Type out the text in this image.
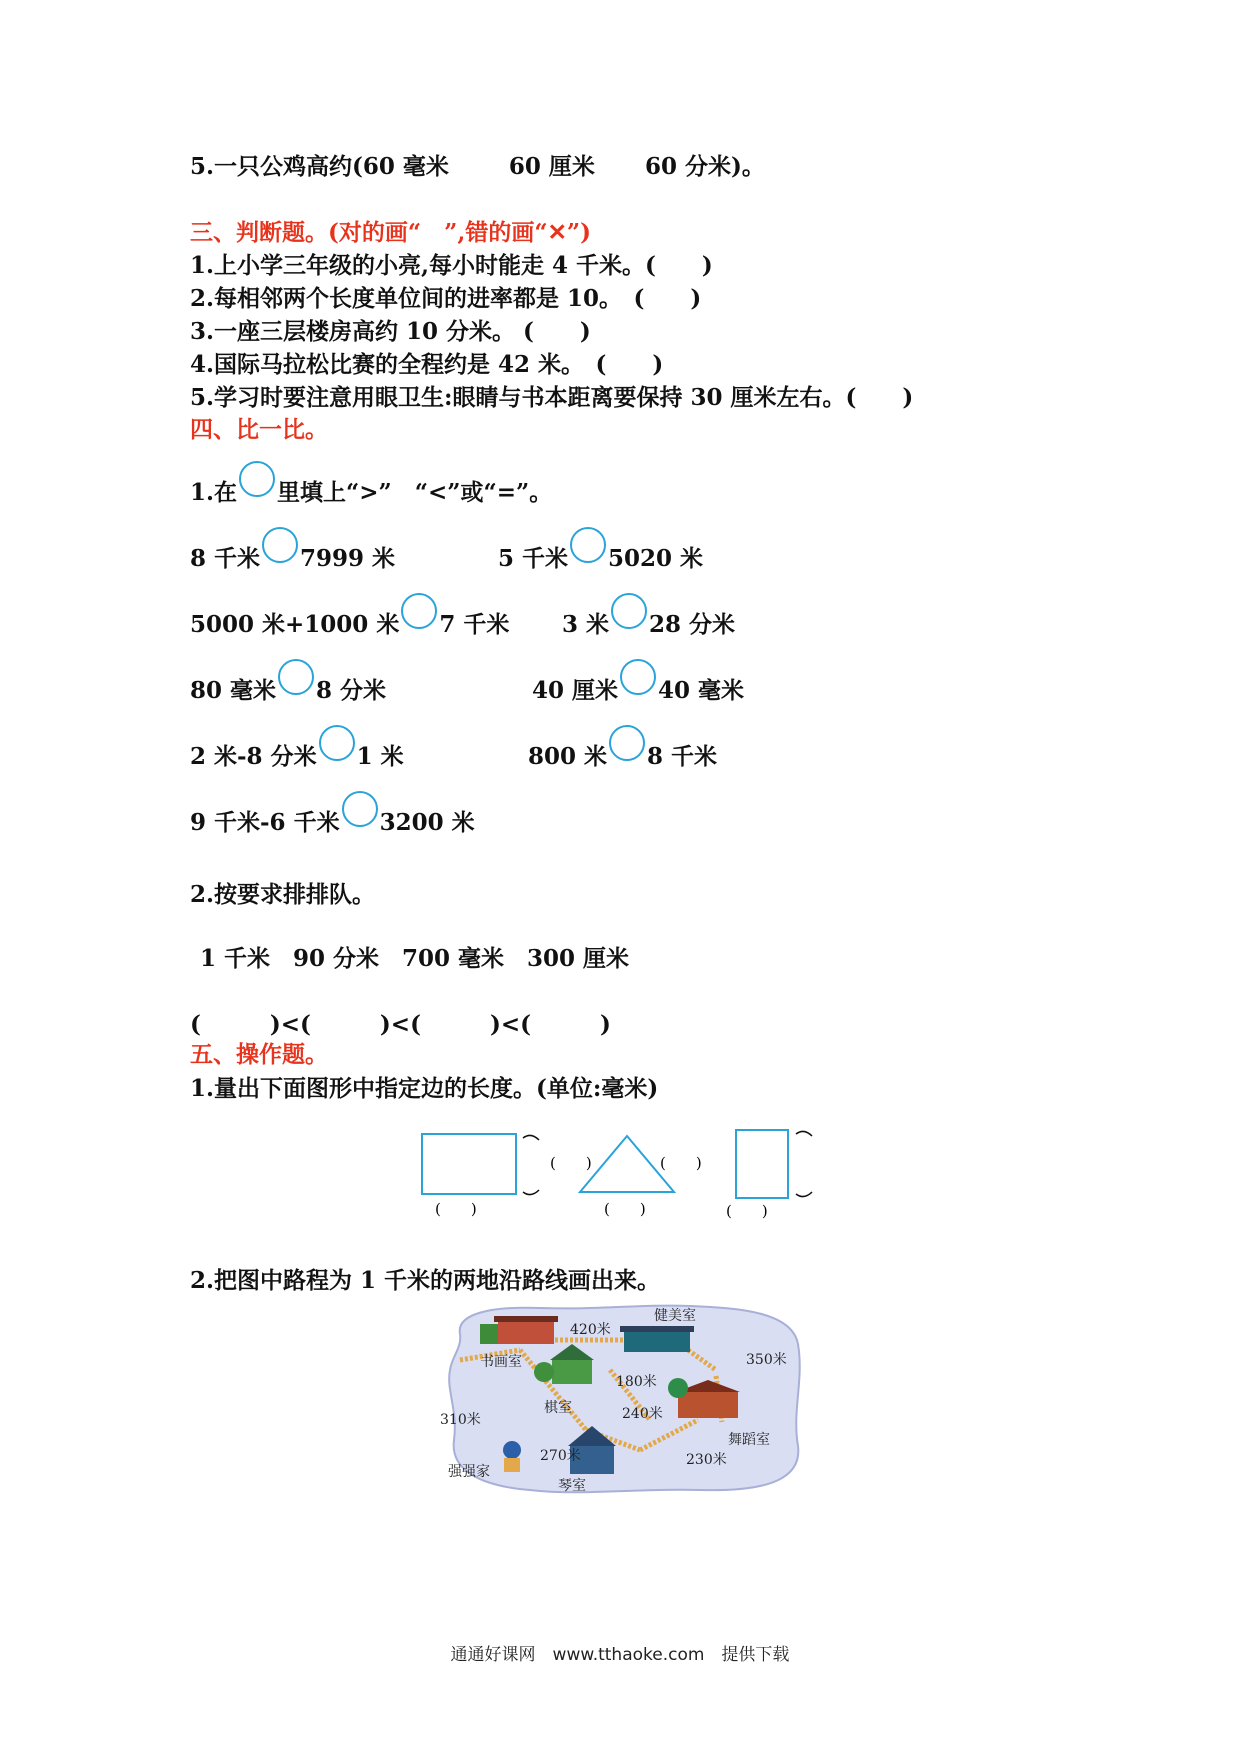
5.一只公鸡高约(60 毫米	60 厘米 60 分米)。
三、判断题。(对的画“　”,错的画“✕”)
1.上小学三年级的小亮,每小时能走 4 千米。(　　)
2.每相邻两个长度单位间的进率都是 10。　(　　)
3.一座三层楼房高约 10 分米。 (　　)
4.国际马拉松比赛的全程约是 42 米。　(　　)
5.学习时要注意用眼卫生:眼睛与书本距离要保持 30 厘米左右。(　　)
四、比一比。
1.在 里填上“>”　“<”或“=”。
8 千米 7999 米	5 千米 5020 米
5000 米+1000 米 7 千米 3 米 28 分米
80 毫米 8 分米	40 厘米 40 毫米
2 米-8 分米 1 米	800 米 8 千米
9 千米-6 千米 3200 米
2.按要求排排队。
1 千米　90 分米　700 毫米　300 厘米
(　　　)<(　　　)<(　　　)<(　　　)
五、操作题。
1.量出下面图形中指定边的长度。(单位:毫米)
(　　)
(　　)	(　　)
(　　)	(　　)
2.把图中路程为 1 千米的两地沿路线画出来。
健美室
书画室
棋室
舞蹈室
强强家
琴室
420米
180米
350米
310米	240米
270米	230米
通通好课网　www.tthaoke.com　提供下载
